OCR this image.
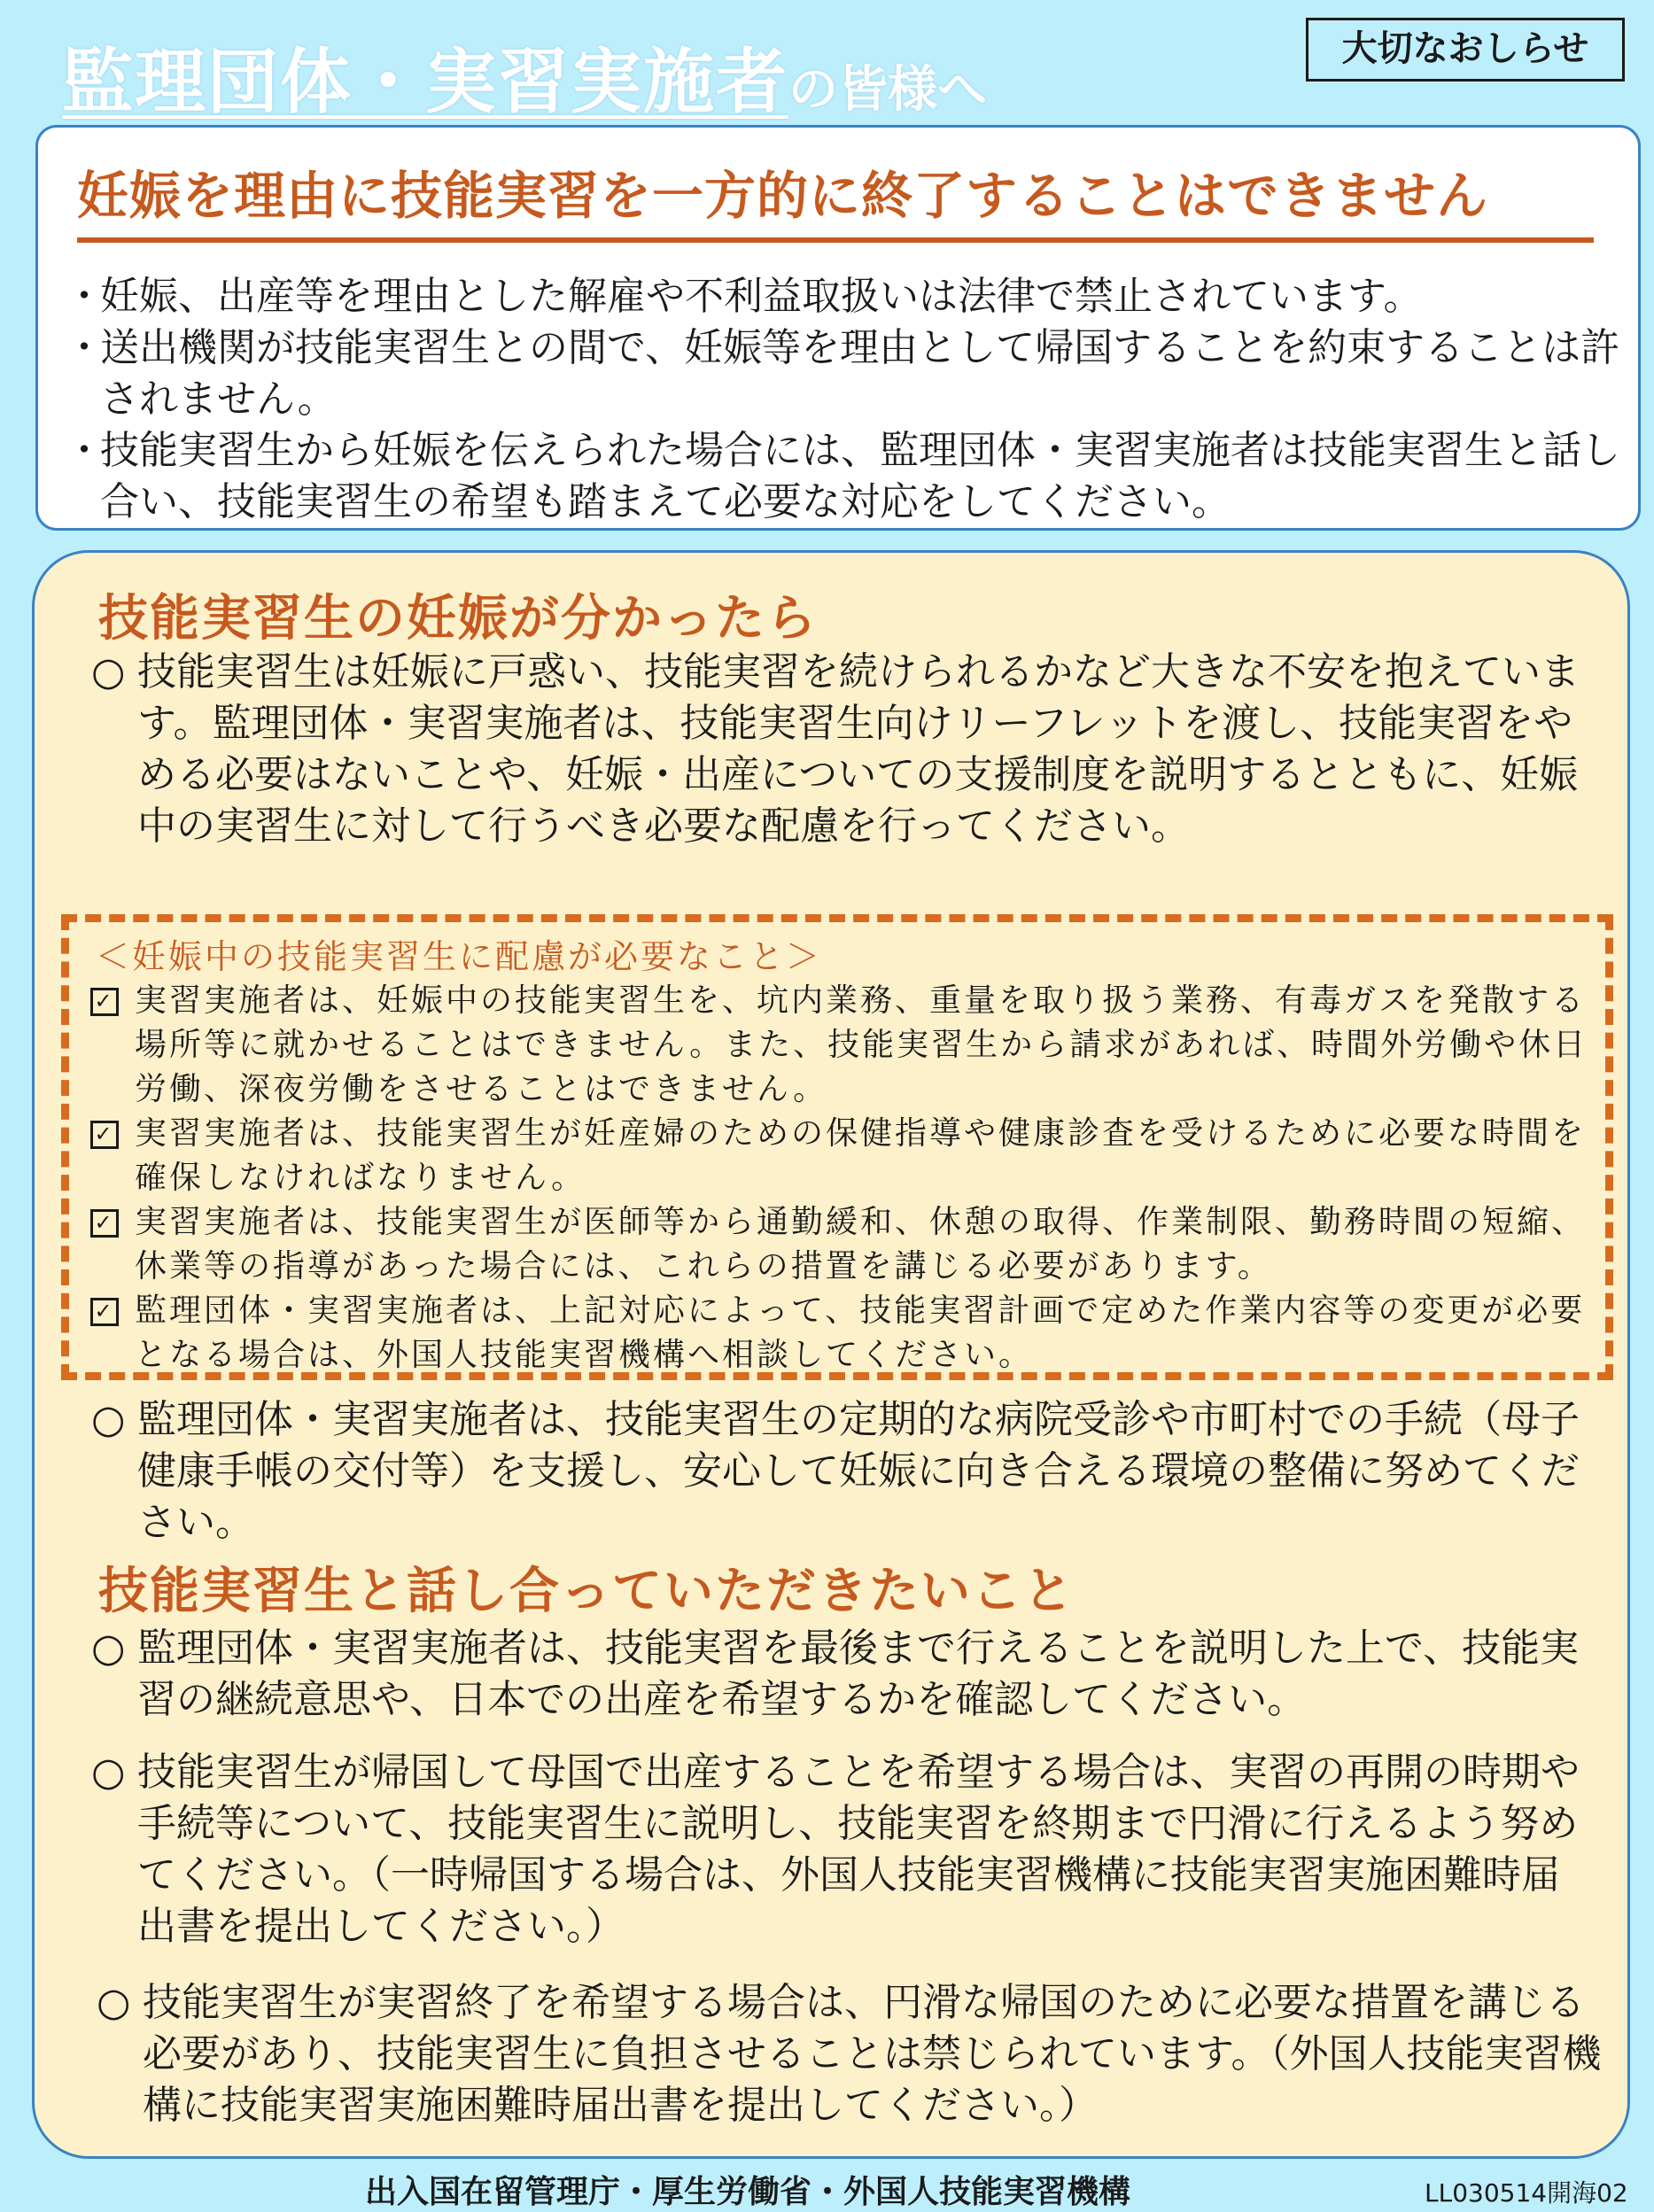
監理団体・実習実施者の皆様へ
大切なおしらせ
妊娠を理由に技能実習を一方的に終了することはできません
・
妊娠、出産等を理由とした解雇や不利益取扱いは法律で禁止されています。
・
送出機関が技能実習生との間で、妊娠等を理由として帰国することを約束することは許されません。
・
技能実習生から妊娠を伝えられた場合には、監理団体・実習実施者は技能実習生と話し合い、技能実習生の希望も踏まえて必要な対応をしてください。
技能実習生の妊娠が分かったら
○ 技能実習生は妊娠に戸惑い、技能実習を続けられるかなど大きな不安を抱えています。監理団体・実習実施者は、技能実習生向けリーフレットを渡し、技能実習をやめる必要はないことや、妊娠・出産についての支援制度を説明するとともに、妊娠中の実習生に対して行うべき必要な配慮を行ってください。
＜妊娠中の技能実習生に配慮が必要なこと＞
✓ 実習実施者は、妊娠中の技能実習生を、坑内業務、重量を取り扱う業務、有毒ガスを発散する場所等に就かせることはできません。また、技能実習生から請求があれば、時間外労働や休日労働、深夜労働をさせることはできません。
✓ 実習実施者は、技能実習生が妊産婦のための保健指導や健康診査を受けるために必要な時間を確保しなければなりません。
✓ 実習実施者は、技能実習生が医師等から通勤緩和、休憩の取得、作業制限、勤務時間の短縮、休業等の指導があった場合には、これらの措置を講じる必要があります。
✓ 監理団体・実習実施者は、上記対応によって、技能実習計画で定めた作業内容等の変更が必要となる場合は、外国人技能実習機構へ相談してください。
○ 監理団体・実習実施者は、技能実習生の定期的な病院受診や市町村での手続（母子健康手帳の交付等）を支援し、安心して妊娠に向き合える環境の整備に努めてください。
技能実習生と話し合っていただきたいこと
○ 監理団体・実習実施者は、技能実習を最後まで行えることを説明した上で、技能実習の継続意思や、日本での出産を希望するかを確認してください。
○ 技能実習生が帰国して母国で出産することを希望する場合は、実習の再開の時期や手続等について、技能実習生に説明し、技能実習を終期まで円滑に行えるよう努めてください。（一時帰国する場合は、外国人技能実習機構に技能実習実施困難時届出書を提出してください。）
○ 技能実習生が実習終了を希望する場合は、円滑な帰国のために必要な措置を講じる必要があり、技能実習生に負担させることは禁じられています。（外国人技能実習機構に技能実習実施困難時届出書を提出してください。）
出入国在留管理庁・厚生労働省・外国人技能実習機構	LL030514開海02
